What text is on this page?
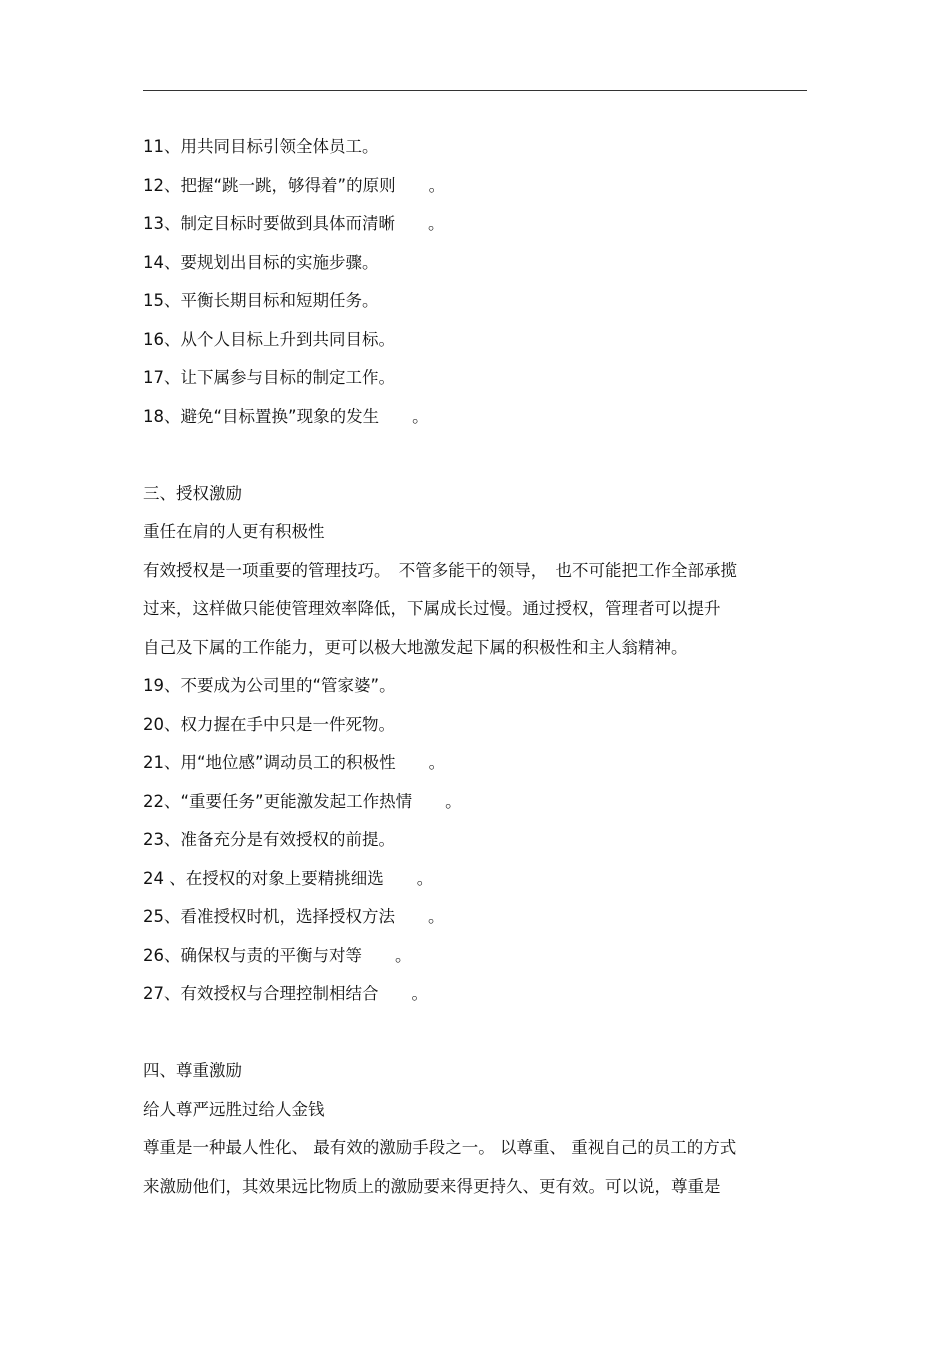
11、用共同目标引领全体员工。
12、把握“跳一跳，够得着”的原则　　。
13、制定目标时要做到具体而清晰　　。
14、要规划出目标的实施步骤。
15、平衡长期目标和短期任务。
16、从个人目标上升到共同目标。
17、让下属参与目标的制定工作。
18、避免“目标置换”现象的发生　　。
三、授权激励
重任在肩的人更有积极性
有效授权是一项重要的管理技巧。　不管多能干的领导，　也不可能把工作全部承揽
过来，这样做只能使管理效率降低，下属成长过慢。通过授权，管理者可以提升
自己及下属的工作能力，更可以极大地激发起下属的积极性和主人翁精神。
19、不要成为公司里的“管家婆”。
20、权力握在手中只是一件死物。
21、用“地位感”调动员工的积极性　　。
22、“重要任务”更能激发起工作热情　　。
23、准备充分是有效授权的前提。
24 、在授权的对象上要精挑细选　　。
25、看准授权时机，选择授权方法　　。
26、确保权与责的平衡与对等　　。
27、有效授权与合理控制相结合　　。
四、尊重激励
给人尊严远胜过给人金钱
尊重是一种最人性化、 最有效的激励手段之一。 以尊重、 重视自己的员工的方式
来激励他们，其效果远比物质上的激励要来得更持久、更有效。可以说，尊重是
